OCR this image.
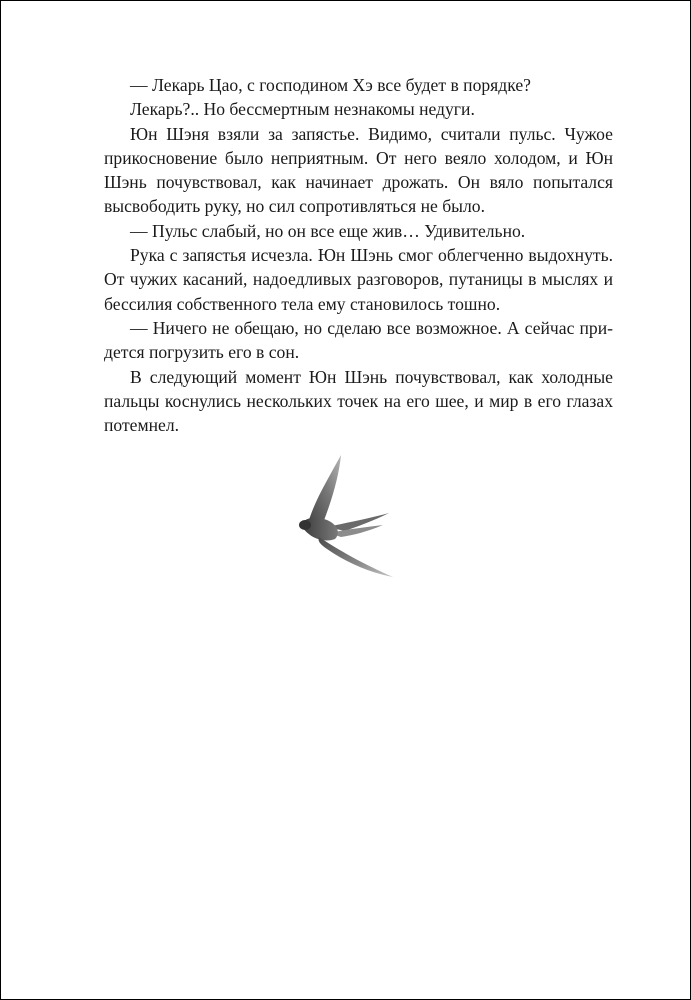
— Лекарь Цао, с господином Хэ все будет в порядке?

Лекарь?.. Но бессмертным незнакомы недуги.

Юн Шэня взяли за запястье. Видимо, считали пульс. Чужое прикосновение было неприятным. От него веяло холодом, и Юн Шэнь почувствовал, как начинает дрожать. Он вяло попытался высвободить руку, но сил сопротивляться не было.

— Пульс слабый, но он все еще жив… Удивительно.

Рука с запястья исчезла. Юн Шэнь смог облегченно выдохнуть. От чужих касаний, надоедливых разговоров, путаницы в мыслях и бессилия собственного тела ему становилось тошно.

— Ничего не обещаю, но сделаю все возможное. А сейчас придется погрузить его в сон.

В следующий момент Юн Шэнь почувствовал, как холодные пальцы коснулись нескольких точек на его шее, и мир в его глазах потемнел.
